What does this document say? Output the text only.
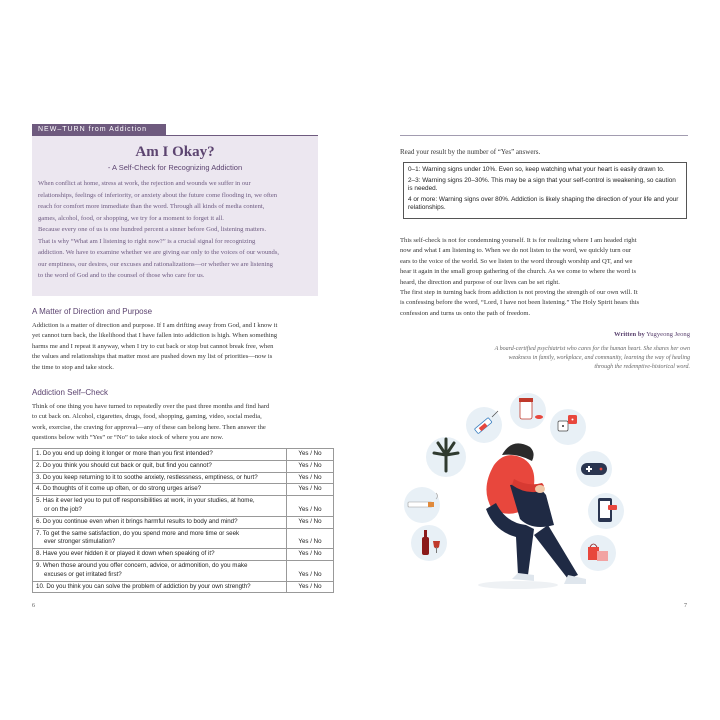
NEW–TURN from Addiction
Am I Okay?
- A Self-Check for Recognizing Addiction

When conflict at home, stress at work, the rejection and wounds we suffer in our

relationships, feelings of inferiority, or anxiety about the future come flooding in, we often

reach for comfort more immediate than the word. Through all kinds of media content,

games, alcohol, food, or shopping, we try for a moment to forget it all.

Because every one of us is one hundred percent a sinner before God, listening matters.

That is why “What am I listening to right now?” is a crucial signal for recognizing

addiction. We have to examine whether we are giving ear only to the voices of our wounds,

our emptiness, our desires, our excuses and rationalizations—or whether we are listening

to the word of God and to the counsel of those who care for us.

A Matter of Direction and Purpose
Addiction is a matter of direction and purpose. If I am drifting away from God, and I know it
yet cannot turn back, the likelihood that I have fallen into addiction is high. When something
harms me and I repeat it anyway, when I try to cut back or stop but cannot break free, when
the values and relationships that matter most are pushed down my list of priorities—now is
the time to stop and take stock.
Addiction Self–Check
Think of one thing you have turned to repeatedly over the past three months and find hard
to cut back on. Alcohol, cigarettes, drugs, food, shopping, gaming, video, social media,
work, exercise, the craving for approval—any of these can belong here. Then answer the
questions below with “Yes” or “No” to take stock of where you are now.
1. Do you end up doing it longer or more than you first intended?	Yes / No
2. Do you think you should cut back or quit, but find you cannot?	Yes / No
3. Do you keep returning to it to soothe anxiety, restlessness, emptiness, or hurt?	Yes / No
4. Do thoughts of it come up often, or do strong urges arise?	Yes / No
5. Has it ever led you to put off responsibilities at work, in your studies, at home,
or on the job?	Yes / No
6. Do you continue even when it brings harmful results to body and mind?	Yes / No
7. To get the same satisfaction, do you spend more and more time or seek
ever stronger stimulation?	Yes / No
8. Have you ever hidden it or played it down when speaking of it?	Yes / No
9. When those around you offer concern, advice, or admonition, do you make
excuses or get irritated first?	Yes / No
10. Do you think you can solve the problem of addiction by your own strength?	Yes / No
6
Read your result by the number of “Yes” answers.

0–1: Warning signs under 10%. Even so, keep watching what your heart is easily drawn to.

2–3: Warning signs 20–30%. This may be a sign that your self-control is weakening, so caution is needed.

4 or more: Warning signs over 80%. Addiction is likely shaping the direction of your life and your relationships.

This self-check is not for condemning yourself. It is for realizing where I am headed right

now and what I am listening to. When we do not listen to the word, we quickly turn our

ears to the voice of the world. So we listen to the word through worship and QT, and we

hear it again in the small group gathering of the church. As we come to where the word is

heard, the direction and purpose of our lives can be set right.

The first step in turning back from addiction is not proving the strength of our own will. It

is confessing before the word, “Lord, I have not been listening.” The Holy Spirit hears this

confession and turns us onto the path of freedom.

Written by Yugyeong Jeong
A board-certified psychiatrist who cares for the human heart. She shares her own
weakness in family, workplace, and community, learning the way of healing
through the redemptive-historical word.
7
